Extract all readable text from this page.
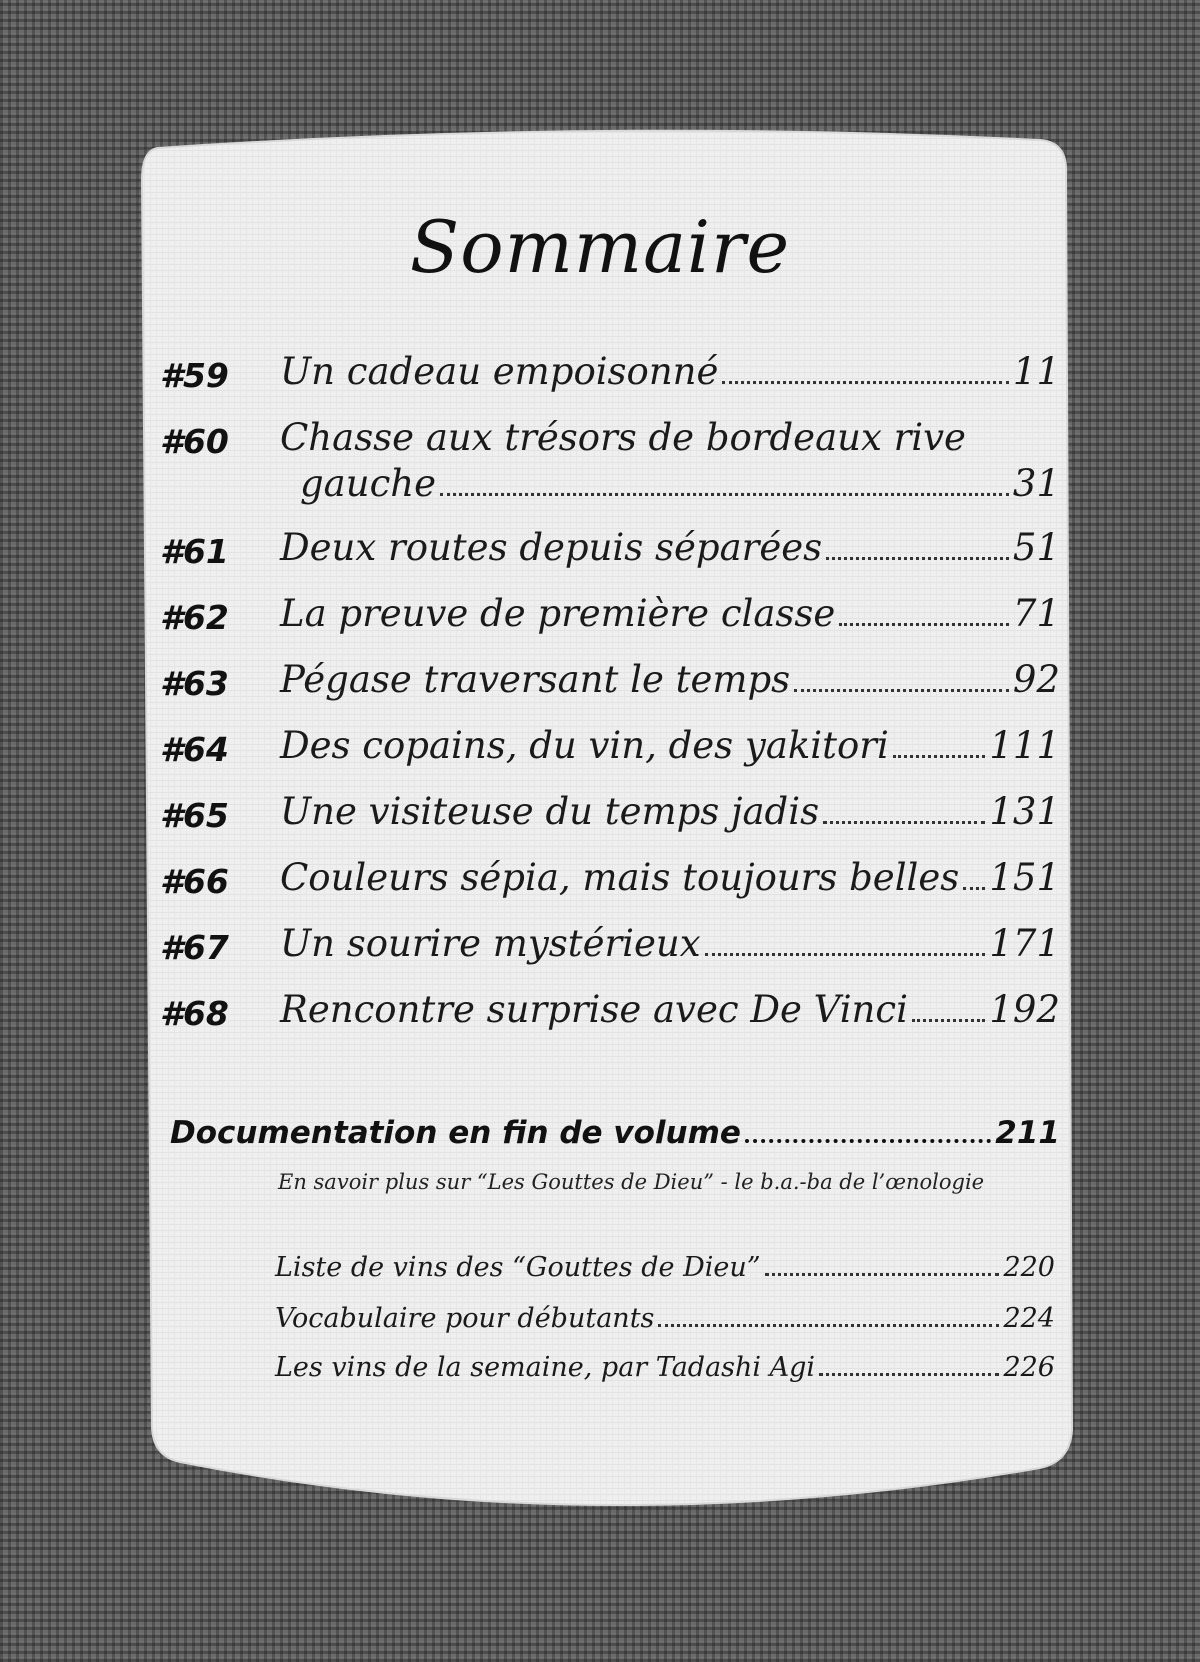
Sommaire
#59	Un cadeau empoisonné	11
#60	Chasse aux trésors de bordeaux rive
gauche	31
#61	Deux routes depuis séparées	51
#62	La preuve de première classe	71
#63	Pégase traversant le temps	92
#64	Des copains, du vin, des yakitori	111
#65	Une visiteuse du temps jadis	131
#66	Couleurs sépia, mais toujours belles 151
#67	Un sourire mystérieux	171
#68	Rencontre surprise avec De Vinci 192
Documentation en fin de volume	211
En savoir plus sur “Les Gouttes de Dieu” - le b.a.-ba de l’œnologie
Liste de vins des “Gouttes de Dieu”	220
Vocabulaire pour débutants	224
Les vins de la semaine, par Tadashi Agi	226
